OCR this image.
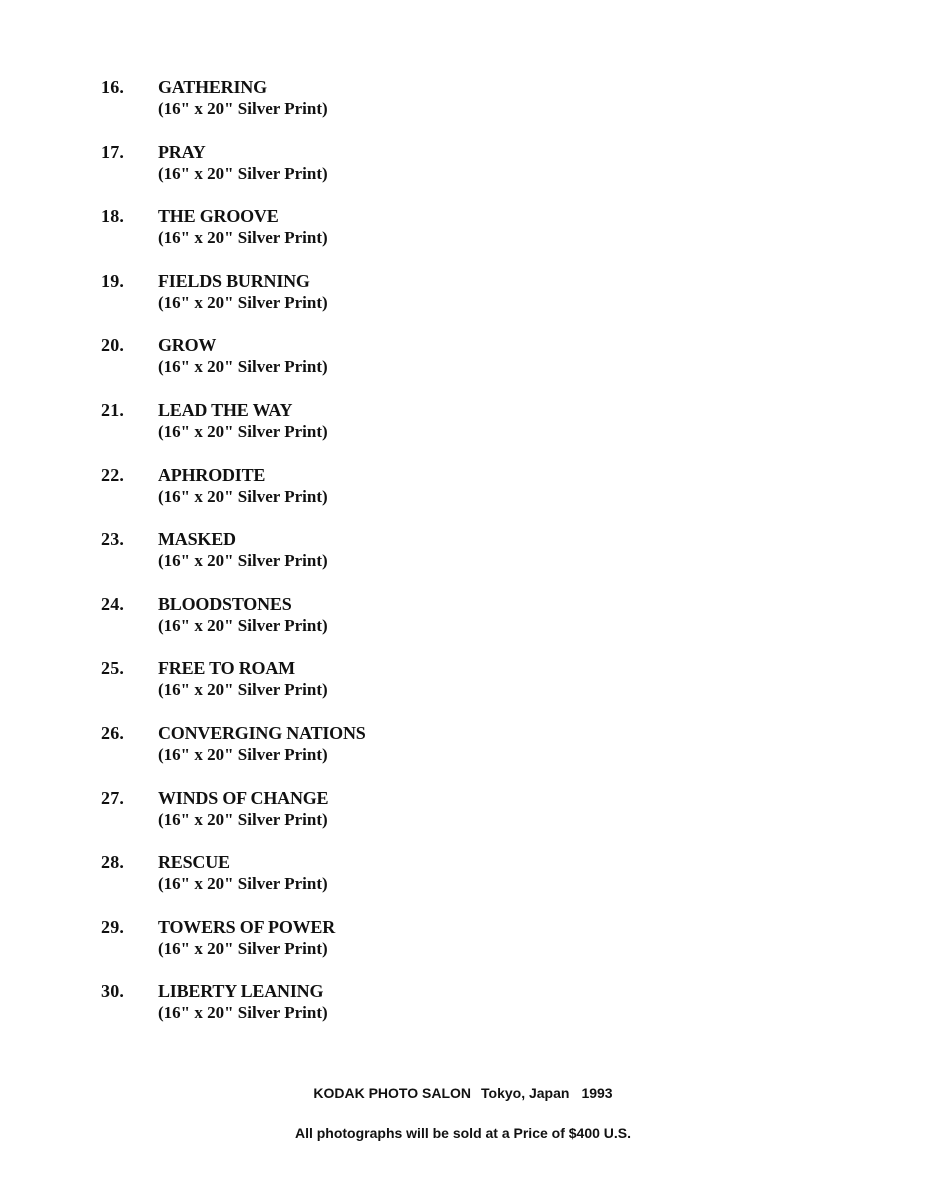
16. GATHERING
(16" x 20" Silver Print)
17. PRAY
(16" x 20" Silver Print)
18. THE GROOVE
(16" x 20" Silver Print)
19. FIELDS BURNING
(16" x 20" Silver Print)
20. GROW
(16" x 20" Silver Print)
21. LEAD THE WAY
(16" x 20" Silver Print)
22. APHRODITE
(16" x 20" Silver Print)
23. MASKED
(16" x 20" Silver Print)
24. BLOODSTONES
(16" x 20" Silver Print)
25. FREE TO ROAM
(16" x 20" Silver Print)
26. CONVERGING NATIONS
(16" x 20" Silver Print)
27. WINDS OF CHANGE
(16" x 20" Silver Print)
28. RESCUE
(16" x 20" Silver Print)
29. TOWERS OF POWER
(16" x 20" Silver Print)
30. LIBERTY LEANING
(16" x 20" Silver Print)
KODAK PHOTO SALON Tokyo, Japan 1993
All photographs will be sold at a Price of $400 U.S.
